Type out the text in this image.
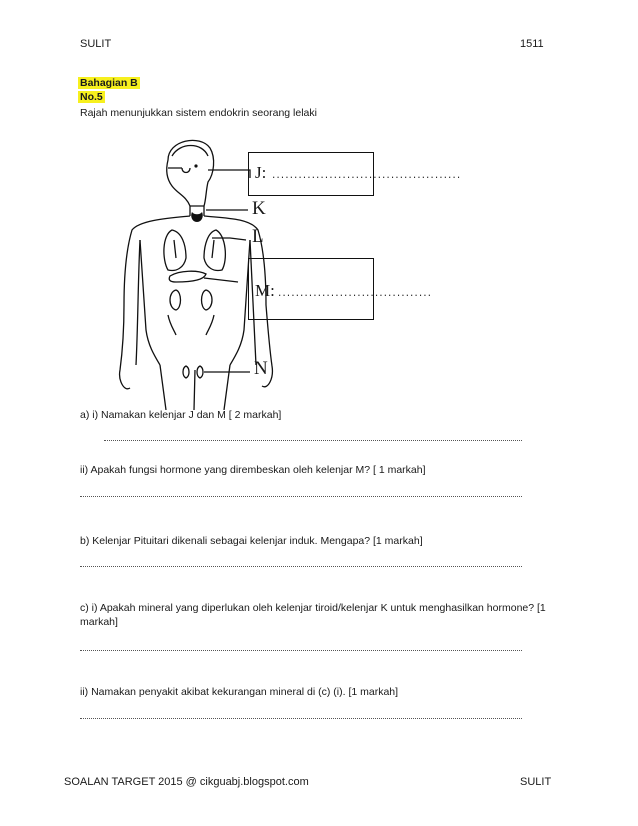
SULIT	1511
Bahagian B
No.5
Rajah menunjukkan sistem endokrin seorang lelaki
J: ...........................................
K
L
M: ...................................
N
a) i) Namakan kelenjar J dan M [ 2 markah]
ii) Apakah fungsi hormone yang dirembeskan oleh kelenjar M? [ 1 markah]
b) Kelenjar Pituitari dikenali sebagai kelenjar induk. Mengapa? [1 markah]
c) i) Apakah mineral yang diperlukan oleh kelenjar tiroid/kelenjar K untuk menghasilkan hormone? [1 markah]
ii) Namakan penyakit akibat kekurangan mineral di (c) (i). [1 markah]
SOALAN TARGET 2015 @ cikguabj.blogspot.com	SULIT
